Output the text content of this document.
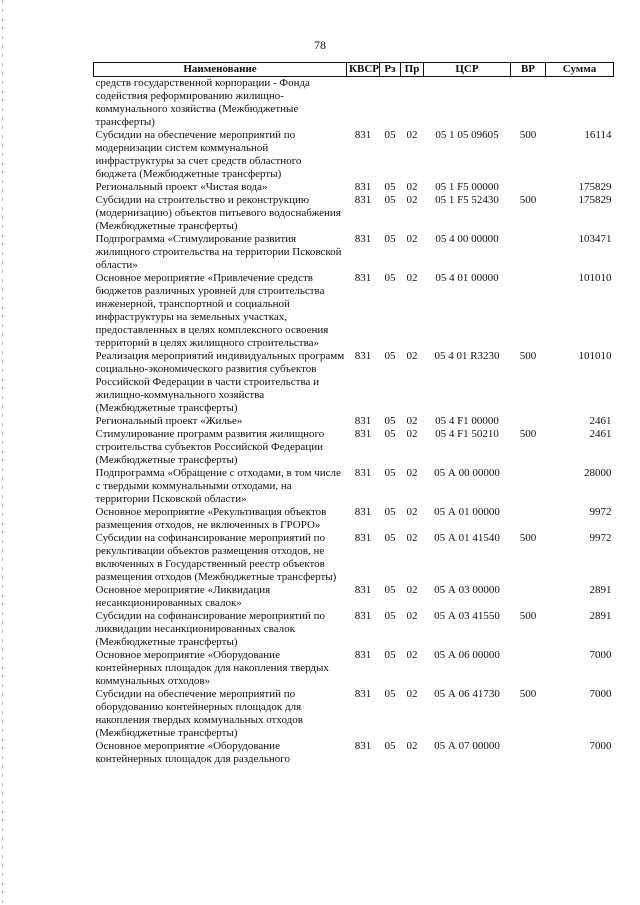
78
Наименование	КВСР	Рз	Пр	ЦСР	ВР	Сумма
средств государственной корпорации - Фонда содействия реформированию жилищно-коммунального хозяйства (Межбюджетные трансферты)						
Субсидии на обеспечение мероприятий по модернизации систем коммунальной инфраструктуры за счет средств областного бюджета (Межбюджетные трансферты)	831	05	02	05 1 05 09605	500	16114
Региональный проект «Чистая вода»	831	05	02	05 1 F5 00000		175829
Субсидии на строительство и реконструкцию (модернизацию) объектов питьевого водоснабжения (Межбюджетные трансферты)	831	05	02	05 1 F5 52430	500	175829
Подпрограмма «Стимулирование развития жилищного строительства на территории Псковской области»	831	05	02	05 4 00 00000		103471
Основное мероприятие «Привлечение средств бюджетов различных уровней для строительства инженерной, транспортной и социальной инфраструктуры на земельных участках, предоставленных в целях комплексного освоения территорий в целях жилищного строительства»	831	05	02	05 4 01 00000		101010
Реализация мероприятий индивидуальных программ социально-экономического развития субъектов Российской Федерации в части строительства и жилищно-коммунального хозяйства (Межбюджетные трансферты)	831	05	02	05 4 01 R3230	500	101010
Региональный проект «Жилье»	831	05	02	05 4 F1 00000		2461
Стимулирование программ развития жилищного строительства субъектов Российской Федерации (Межбюджетные трансферты)	831	05	02	05 4 F1 50210	500	2461
Подпрограмма «Обращение с отходами, в том числе с твердыми коммунальными отходами, на территории Псковской области»	831	05	02	05 А 00 00000		28000
Основное мероприятие «Рекультивация объектов размещения отходов, не включенных в ГРОРО»	831	05	02	05 А 01 00000		9972
Субсидии на софинансирование мероприятий по рекультивации объектов размещения отходов, не включенных в Государственный реестр объектов размещения отходов (Межбюджетные трансферты)	831	05	02	05 А 01 41540	500	9972
Основное мероприятие «Ликвидация несанкционированных свалок»	831	05	02	05 А 03 00000		2891
Субсидии на софинансирование мероприятий по ликвидации несанкционированных свалок (Межбюджетные трансферты)	831	05	02	05 А 03 41550	500	2891
Основное мероприятие «Оборудование контейнерных площадок для накопления твердых коммунальных отходов»	831	05	02	05 А 06 00000		7000
Субсидии на обеспечение мероприятий по оборудованию контейнерных площадок для накопления твердых коммунальных отходов (Межбюджетные трансферты)	831	05	02	05 А 06 41730	500	7000
Основное мероприятие «Оборудование контейнерных площадок для раздельного	831	05	02	05 А 07 00000		7000
